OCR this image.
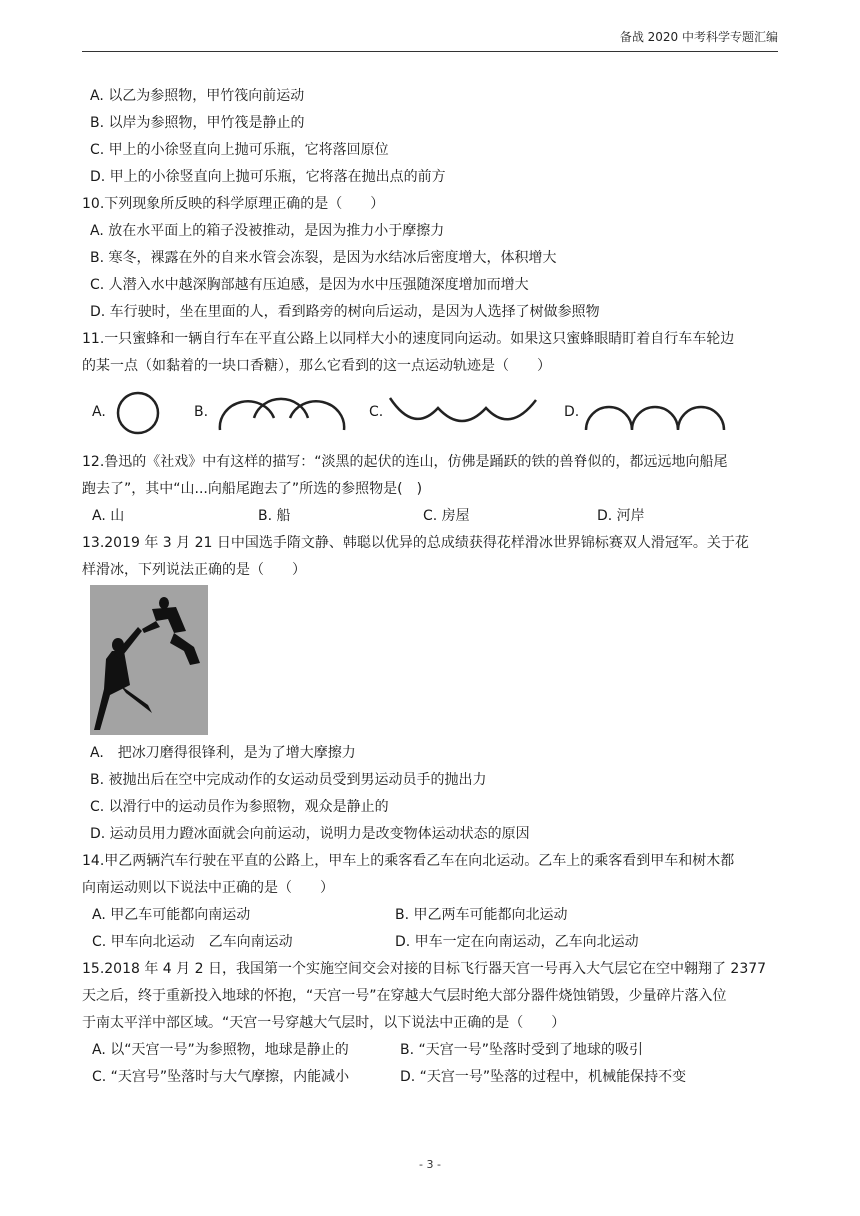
备战 2020 中考科学专题汇编
A. 以乙为参照物，甲竹筏向前运动
B. 以岸为参照物，甲竹筏是静止的
C. 甲上的小徐竖直向上抛可乐瓶，它将落回原位
D. 甲上的小徐竖直向上抛可乐瓶，它将落在抛出点的前方
10.下列现象所反映的科学原理正确的是（　　）
A. 放在水平面上的箱子没被推动，是因为推力小于摩擦力
B. 寒冬，裸露在外的自来水管会冻裂，是因为水结冰后密度增大，体积增大
C. 人潜入水中越深胸部越有压迫感，是因为水中压强随深度增加而增大
D. 车行驶时，坐在里面的人，看到路旁的树向后运动，是因为人选择了树做参照物
11.一只蜜蜂和一辆自行车在平直公路上以同样大小的速度同向运动。如果这只蜜蜂眼睛盯着自行车车轮边
的某一点（如黏着的一块口香糖），那么它看到的这一点运动轨迹是（　　）
A.	B.	C.	D.
12.鲁迅的《社戏》中有这样的描写：“淡黑的起伏的连山，仿佛是踊跃的铁的兽脊似的，都远远地向船尾
跑去了”，其中“山...向船尾跑去了”所选的参照物是(　)
A. 山	B. 船	C. 房屋	D. 河岸
13.2019 年 3 月 21 日中国选手隋文静、韩聪以优异的总成绩获得花样滑冰世界锦标赛双人滑冠军。关于花
样滑冰，下列说法正确的是（　　）
A.　把冰刀磨得很锋利，是为了增大摩擦力
B. 被抛出后在空中完成动作的女运动员受到男运动员手的抛出力
C. 以滑行中的运动员作为参照物，观众是静止的
D. 运动员用力蹬冰面就会向前运动，说明力是改变物体运动状态的原因
14.甲乙两辆汽车行驶在平直的公路上，甲车上的乘客看乙车在向北运动。乙车上的乘客看到甲车和树木都
向南运动则以下说法中正确的是（　　）
A. 甲乙车可能都向南运动	B. 甲乙两车可能都向北运动
C. 甲车向北运动　乙车向南运动	D. 甲车一定在向南运动，乙车向北运动
15.2018 年 4 月 2 日，我国第一个实施空间交会对接的目标飞行器天宫一号再入大气层它在空中翱翔了 2377
天之后，终于重新投入地球的怀抱，“天宫一号”在穿越大气层时绝大部分器件烧蚀销毁，少量碎片落入位
于南太平洋中部区域。“天宫一号穿越大气层时，以下说法中正确的是（　　）
A. 以“天宫一号”为参照物，地球是静止的	B. “天宫一号”坠落时受到了地球的吸引
C. “天宫号”坠落时与大气摩擦，内能减小	D. “天宫一号”坠落的过程中，机械能保持不变
- 3 -
